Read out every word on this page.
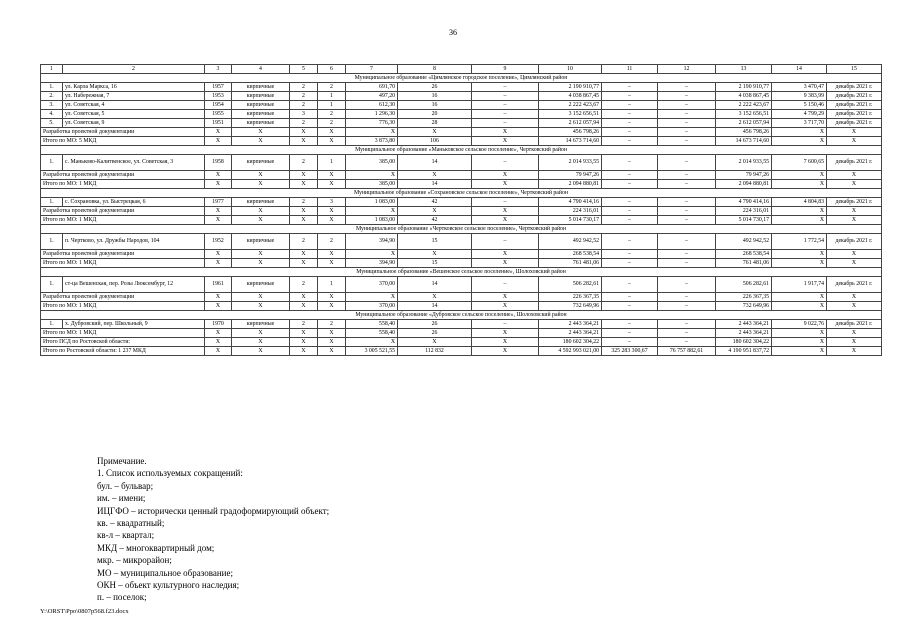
36
1	2	3	4	5	6	7	8	9	10	11	12	13	14	15
Муниципальное образование «Цимлянское городское поселение», Цимлянский район														
1.	ул. Карла Маркса, 16	1957	кирпичные	2	2	691,70	26	–	2 190 910,77	–	–	2 190 910,77	3 470,47	декабрь 2021 г.
2.	ул. Набережная, 7	1953	кирпичные	2	1	497,20	16	–	4 038 867,45	–	–	4 038 867,45	9 383,99	декабрь 2021 г.
3.	ул. Советская, 4	1954	кирпичные	2	1	612,30	16	–	2 222 423,67	–	–	2 222 423,67	5 150,46	декабрь 2021 г.
4.	ул. Советская, 5	1955	кирпичные	3	2	1 296,30	20	–	3 152 656,51	–	–	3 152 656,51	4 799,29	декабрь 2021 г.
5.	ул. Советская, 9	1951	кирпичные	2	2	776,30	28	–	2 612 057,94	–	–	2 612 057,94	3 717,70	декабрь 2021 г.
Разработка проектной документации		X	X	X	X	X	X	X	456 798,26	–	–	456 798,26	X	X
Итого по МО: 5 МКД		X	X	X	X	3 873,80	106	X	14 673 714,60	–	–	14 673 714,60	X	X
Муниципальное образование «Маньковское сельское поселение», Чертковский район														
1.	с. Маньково-Калитвенское, ул. Советская, 3	1958	кирпичные	2	1	385,00	14	–	2 014 933,55	–	–	2 014 933,55	7 600,65	декабрь 2021 г.
Разработка проектной документации		X	X	X	X	X	X	X	79 947,26	–	–	79 947,26	X	X
Итого по МО: 1 МКД		X	X	X	X	385,00	14	X	2 094 880,81	–	–	2 094 880,81	X	X
Муниципальное образование «Сохрановское сельское поселение», Чертковский район														
1.	с. Сохрановка, ул. Быстрецкая, 6	1977	кирпичные	2	3	1 083,00	42	–	4 790 414,16	–	–	4 790 414,16	4 804,83	декабрь 2021 г.
Разработка проектной документации		X	X	X	X	X	X	X	224 316,01	–	–	224 316,01	X	X
Итого по МО: 1 МКД		X	X	X	X	1 083,00	42	X	5 014 730,17	–	–	5 014 730,17	X	X
Муниципальное образование «Чертковское сельское поселение», Чертковский район														
1.	п. Чертково, ул. Дружбы Народов, 104	1952	кирпичные	2	2	394,90	15	–	492 942,52	–	–	492 942,52	1 772,54	декабрь 2021 г.
Разработка проектной документации		X	X	X	X	X	X	X	268 538,54	–	–	268 538,54	X	X
Итого по МО: 1 МКД		X	X	X	X	394,90	15	X	761 481,06	–	–	761 481,06	X	X
Муниципальное образование «Вешенское сельское поселение», Шолоховский район														
1.	ст-ца Вешенская, пер. Розы Люксембург, 12	1961	кирпичные	2	1	370,00	14	–	506 282,61	–	–	506 282,61	1 917,74	декабрь 2021 г.
Разработка проектной документации		X	X	X	X	X	X	X	226 367,35	–	–	226 367,35	X	X
Итого по МО: 1 МКД		X	X	X	X	370,00	14	X	732 649,96	–	–	732 649,96	X	X
Муниципальное образование «Дубровское сельское поселение», Шолоховский район														
1.	х. Дубровский, пер. Школьный, 9	1970	кирпичные	2	2	558,40	26	–	2 443 364,21	–	–	2 443 364,21	9 022,76	декабрь 2021 г.
Итого по МО: 1 МКД		X	X	X	X	558,40	26	X	2 443 364,21	–	–	2 443 364,21	X	X
Итого ПСД по Ростовской области:		X	X	X	X	X	X	X	180 602 304,22	–	–	180 602 304,22	X	X
Итого по Ростовской области: 1 237 МКД		X	X	X	X	3 005 521,55	112 832	X	4 592 993 021,00	325 283 300,67	76 757 882,61	4 190 951 837,72	X	X
Примечание.
1. Список используемых сокращений:
бул. – бульвар;
им. – имени;
ИЦГФО – исторически ценный градоформирующий объект;
кв. – квадратный;
кв-л – квартал;
МКД – многоквартирный дом;
мкр. – микрорайон;
МО – муниципальное образование;
ОКН – объект культурного наследия;
п. – поселок;
Y:\ORST\Ppo\0807p568.f23.docx
